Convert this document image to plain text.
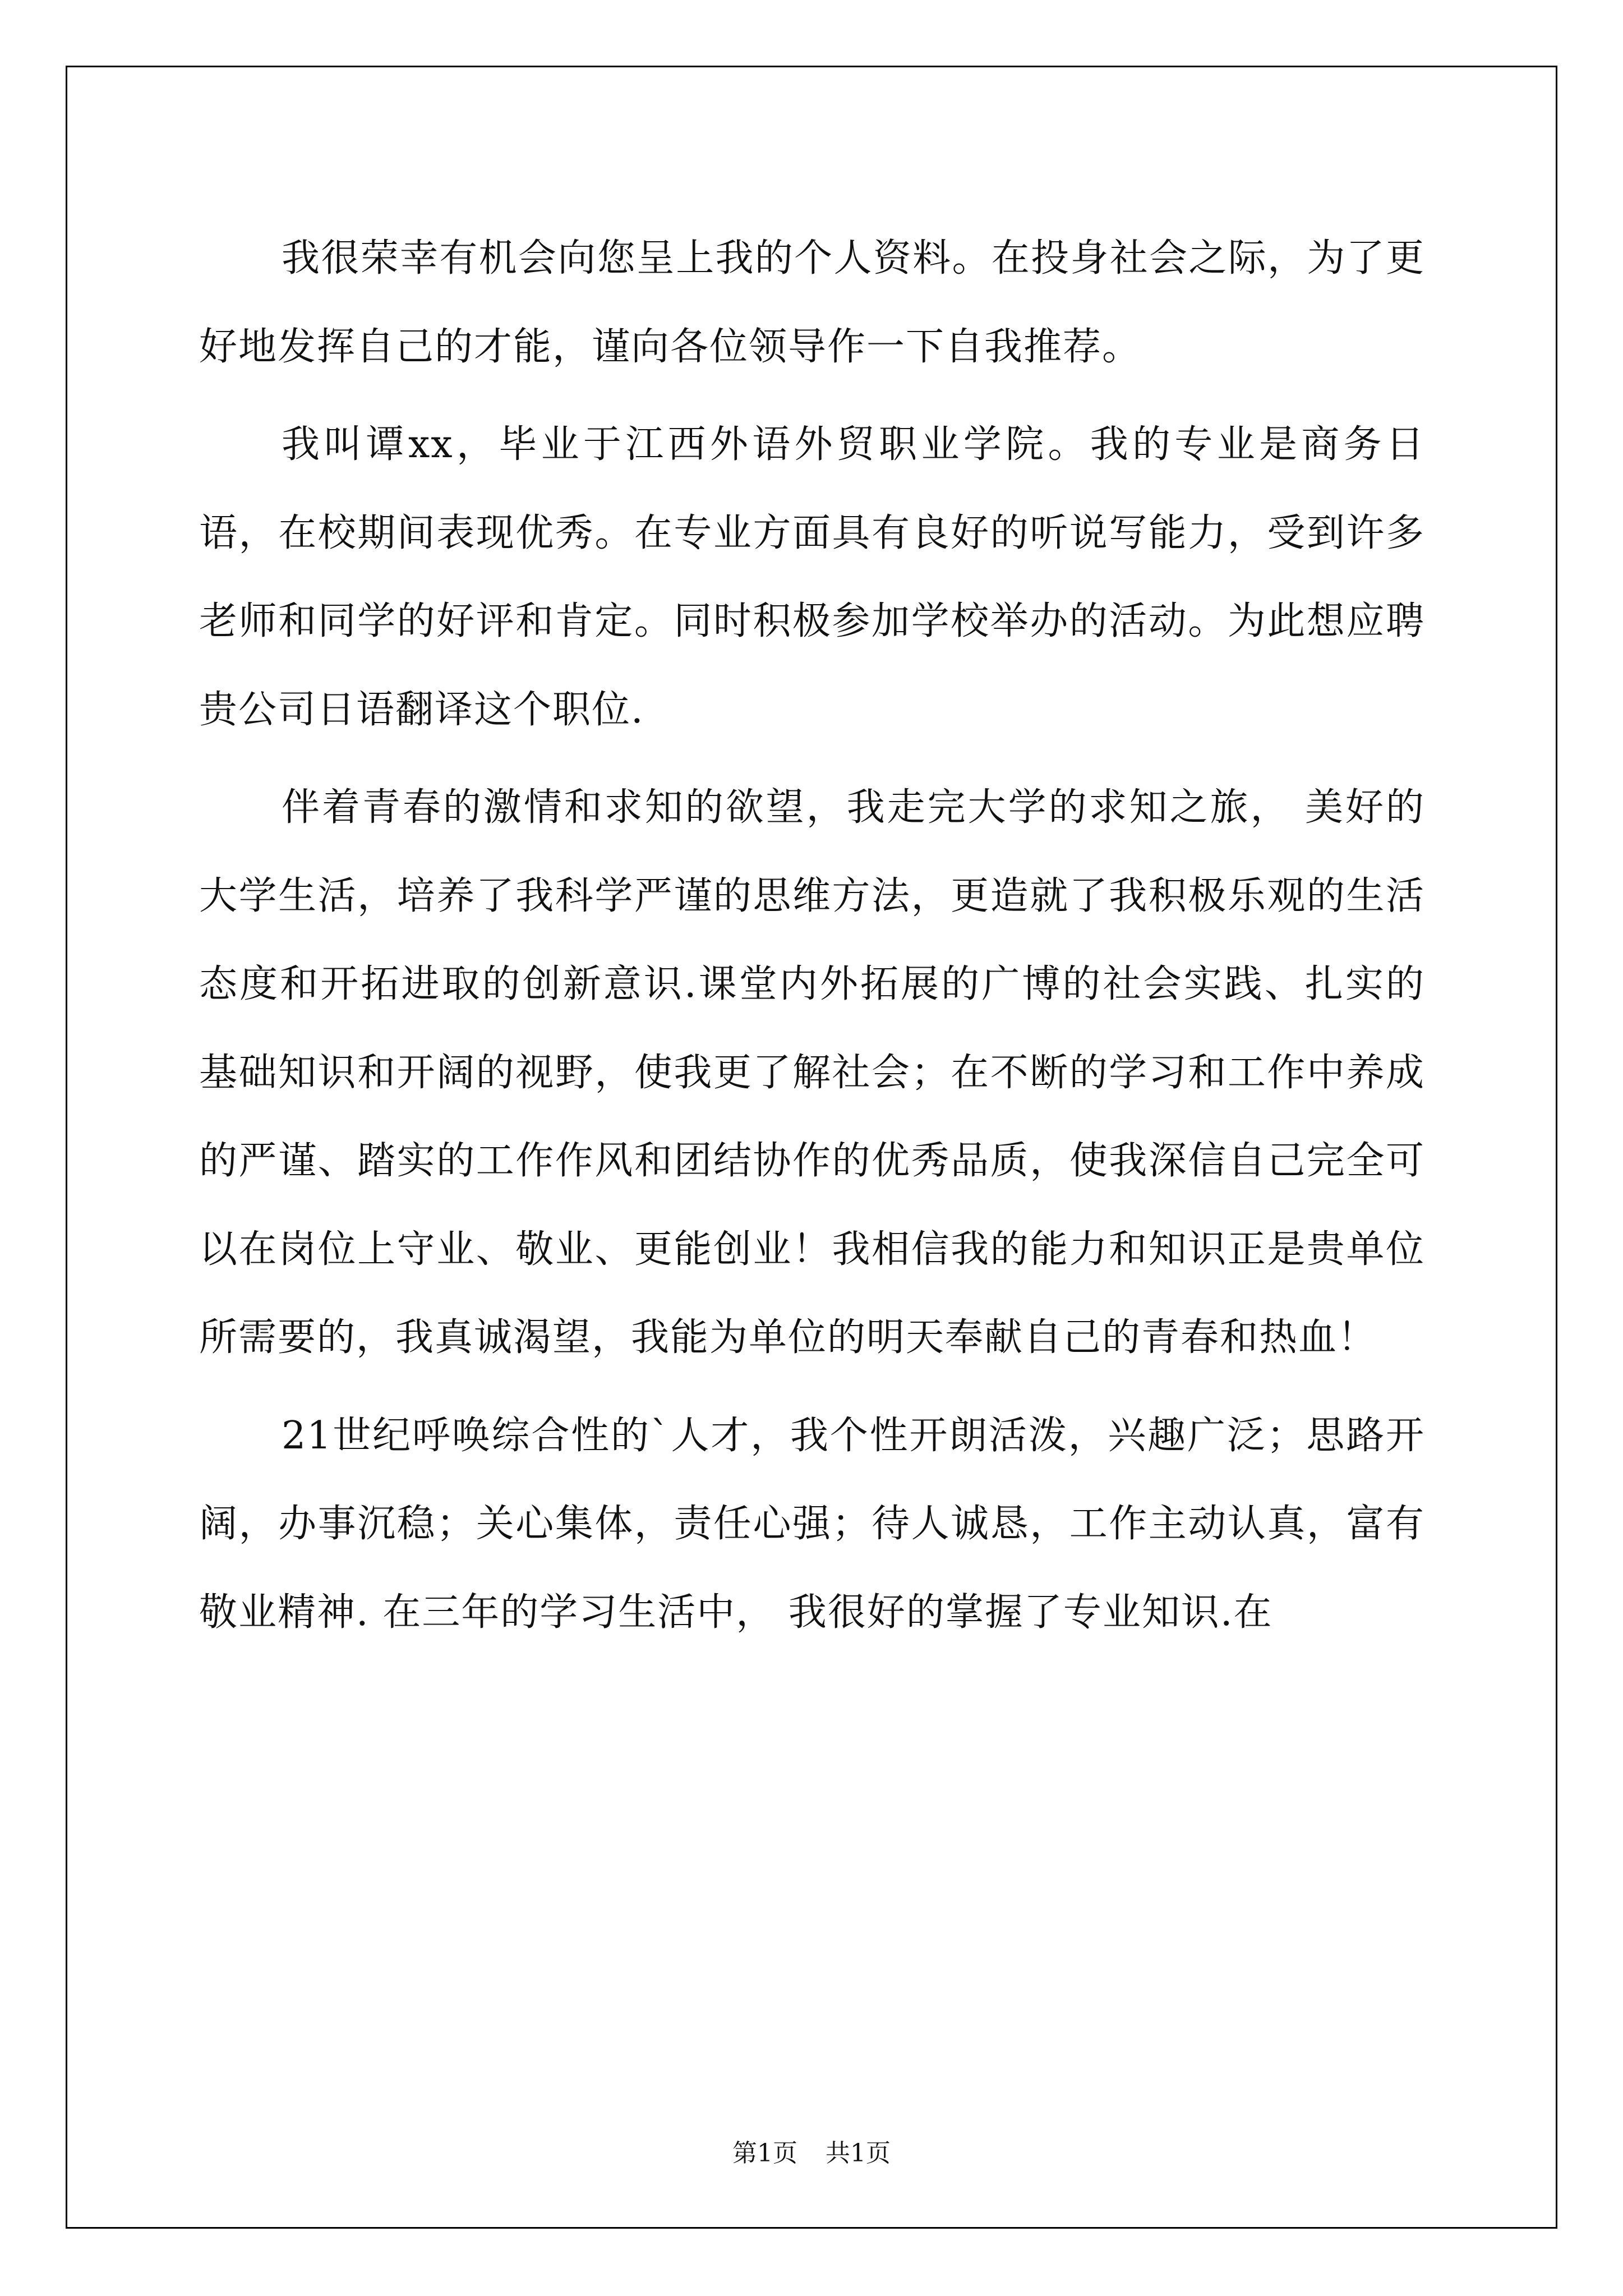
我很荣幸有机会向您呈上我的个人资料。在投身社会之际，为了更好地发挥自己的才能，谨向各位领导作一下自我推荐。

我叫谭xx，毕业于江西外语外贸职业学院。我的专业是商务日语，在校期间表现优秀。在专业方面具有良好的听说写能力，受到许多老师和同学的好评和肯定。同时积极参加学校举办的活动。为此想应聘贵公司日语翻译这个职位.

伴着青春的激情和求知的欲望，我走完大学的求知之旅， 美好的大学生活，培养了我科学严谨的思维方法，更造就了我积极乐观的生活态度和开拓进取的创新意识.课堂内外拓展的广博的社会实践、扎实的基础知识和开阔的视野，使我更了解社会；在不断的学习和工作中养成的严谨、踏实的工作作风和团结协作的优秀品质，使我深信自己完全可以在岗位上守业、敬业、更能创业！我相信我的能力和知识正是贵单位所需要的，我真诚渴望，我能为单位的明天奉献自己的青春和热血！

21世纪呼唤综合性的`人才，我个性开朗活泼，兴趣广泛；思路开阔，办事沉稳；关心集体，责任心强；待人诚恳，工作主动认真，富有敬业精神. 在三年的学习生活中， 我很好的掌握了专业知识.在

第1页 共1页
